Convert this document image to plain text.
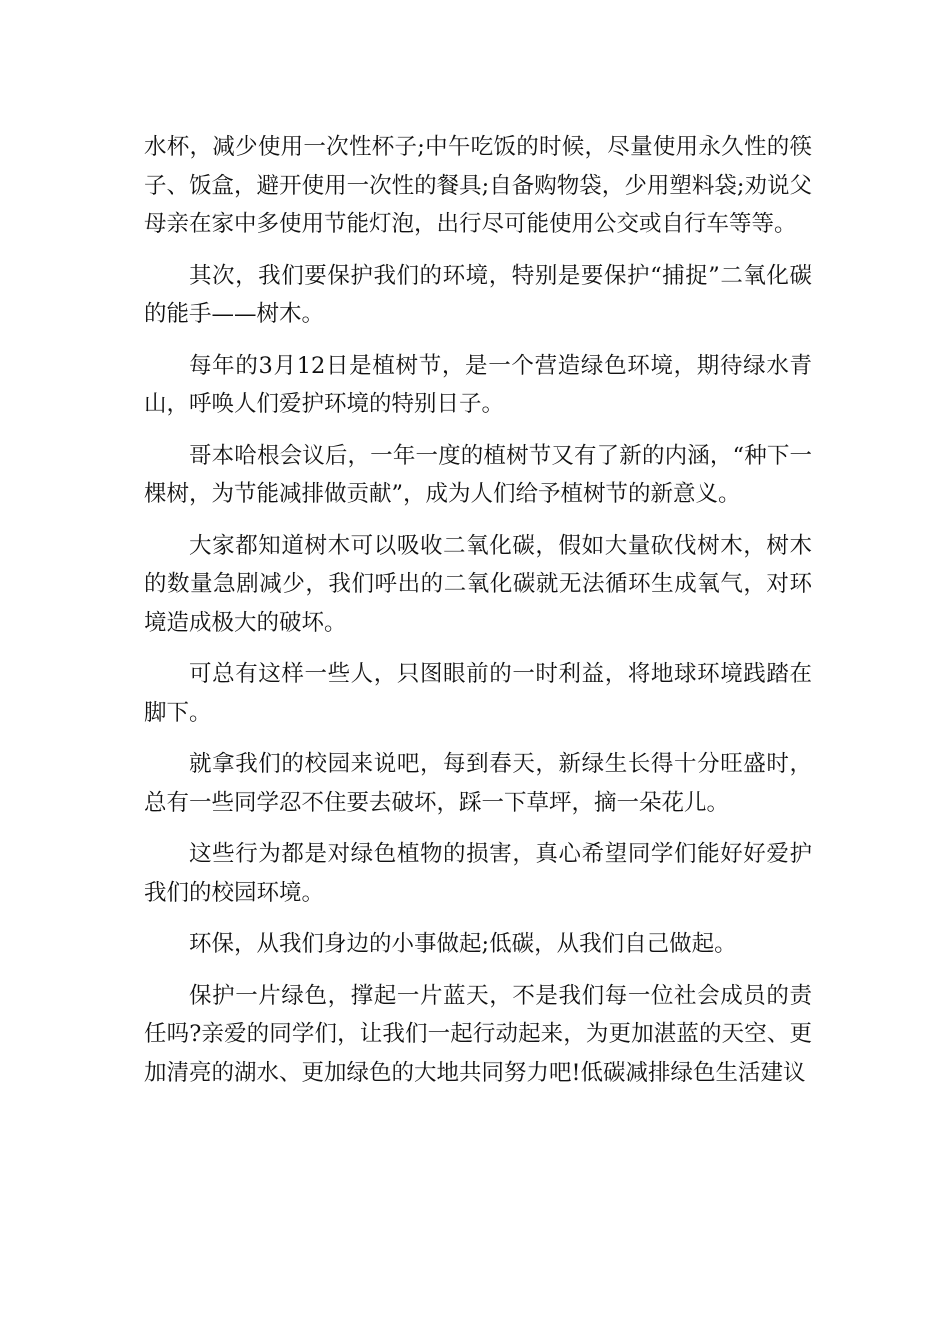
水杯，减少使用一次性杯子;中午吃饭的时候，尽量使用永久性的筷子、饭盒，避开使用一次性的餐具;自备购物袋，少用塑料袋;劝说父母亲在家中多使用节能灯泡，出行尽可能使用公交或自行车等等。

其次，我们要保护我们的环境，特别是要保护“捕捉”二氧化碳的能手——树木。

每年的3月12日是植树节，是一个营造绿色环境，期待绿水青山，呼唤人们爱护环境的特别日子。

哥本哈根会议后，一年一度的植树节又有了新的内涵，“种下一棵树，为节能减排做贡献”，成为人们给予植树节的新意义。

大家都知道树木可以吸收二氧化碳，假如大量砍伐树木，树木的数量急剧减少，我们呼出的二氧化碳就无法循环生成氧气，对环境造成极大的破坏。

可总有这样一些人，只图眼前的一时利益，将地球环境践踏在脚下。

就拿我们的校园来说吧，每到春天，新绿生长得十分旺盛时，总有一些同学忍不住要去破坏，踩一下草坪，摘一朵花儿。

这些行为都是对绿色植物的损害，真心希望同学们能好好爱护我们的校园环境。

环保，从我们身边的小事做起;低碳，从我们自己做起。

保护一片绿色，撑起一片蓝天，不是我们每一位社会成员的责任吗?亲爱的同学们，让我们一起行动起来，为更加湛蓝的天空、更加清亮的湖水、更加绿色的大地共同努力吧!低碳减排绿色生活建议
